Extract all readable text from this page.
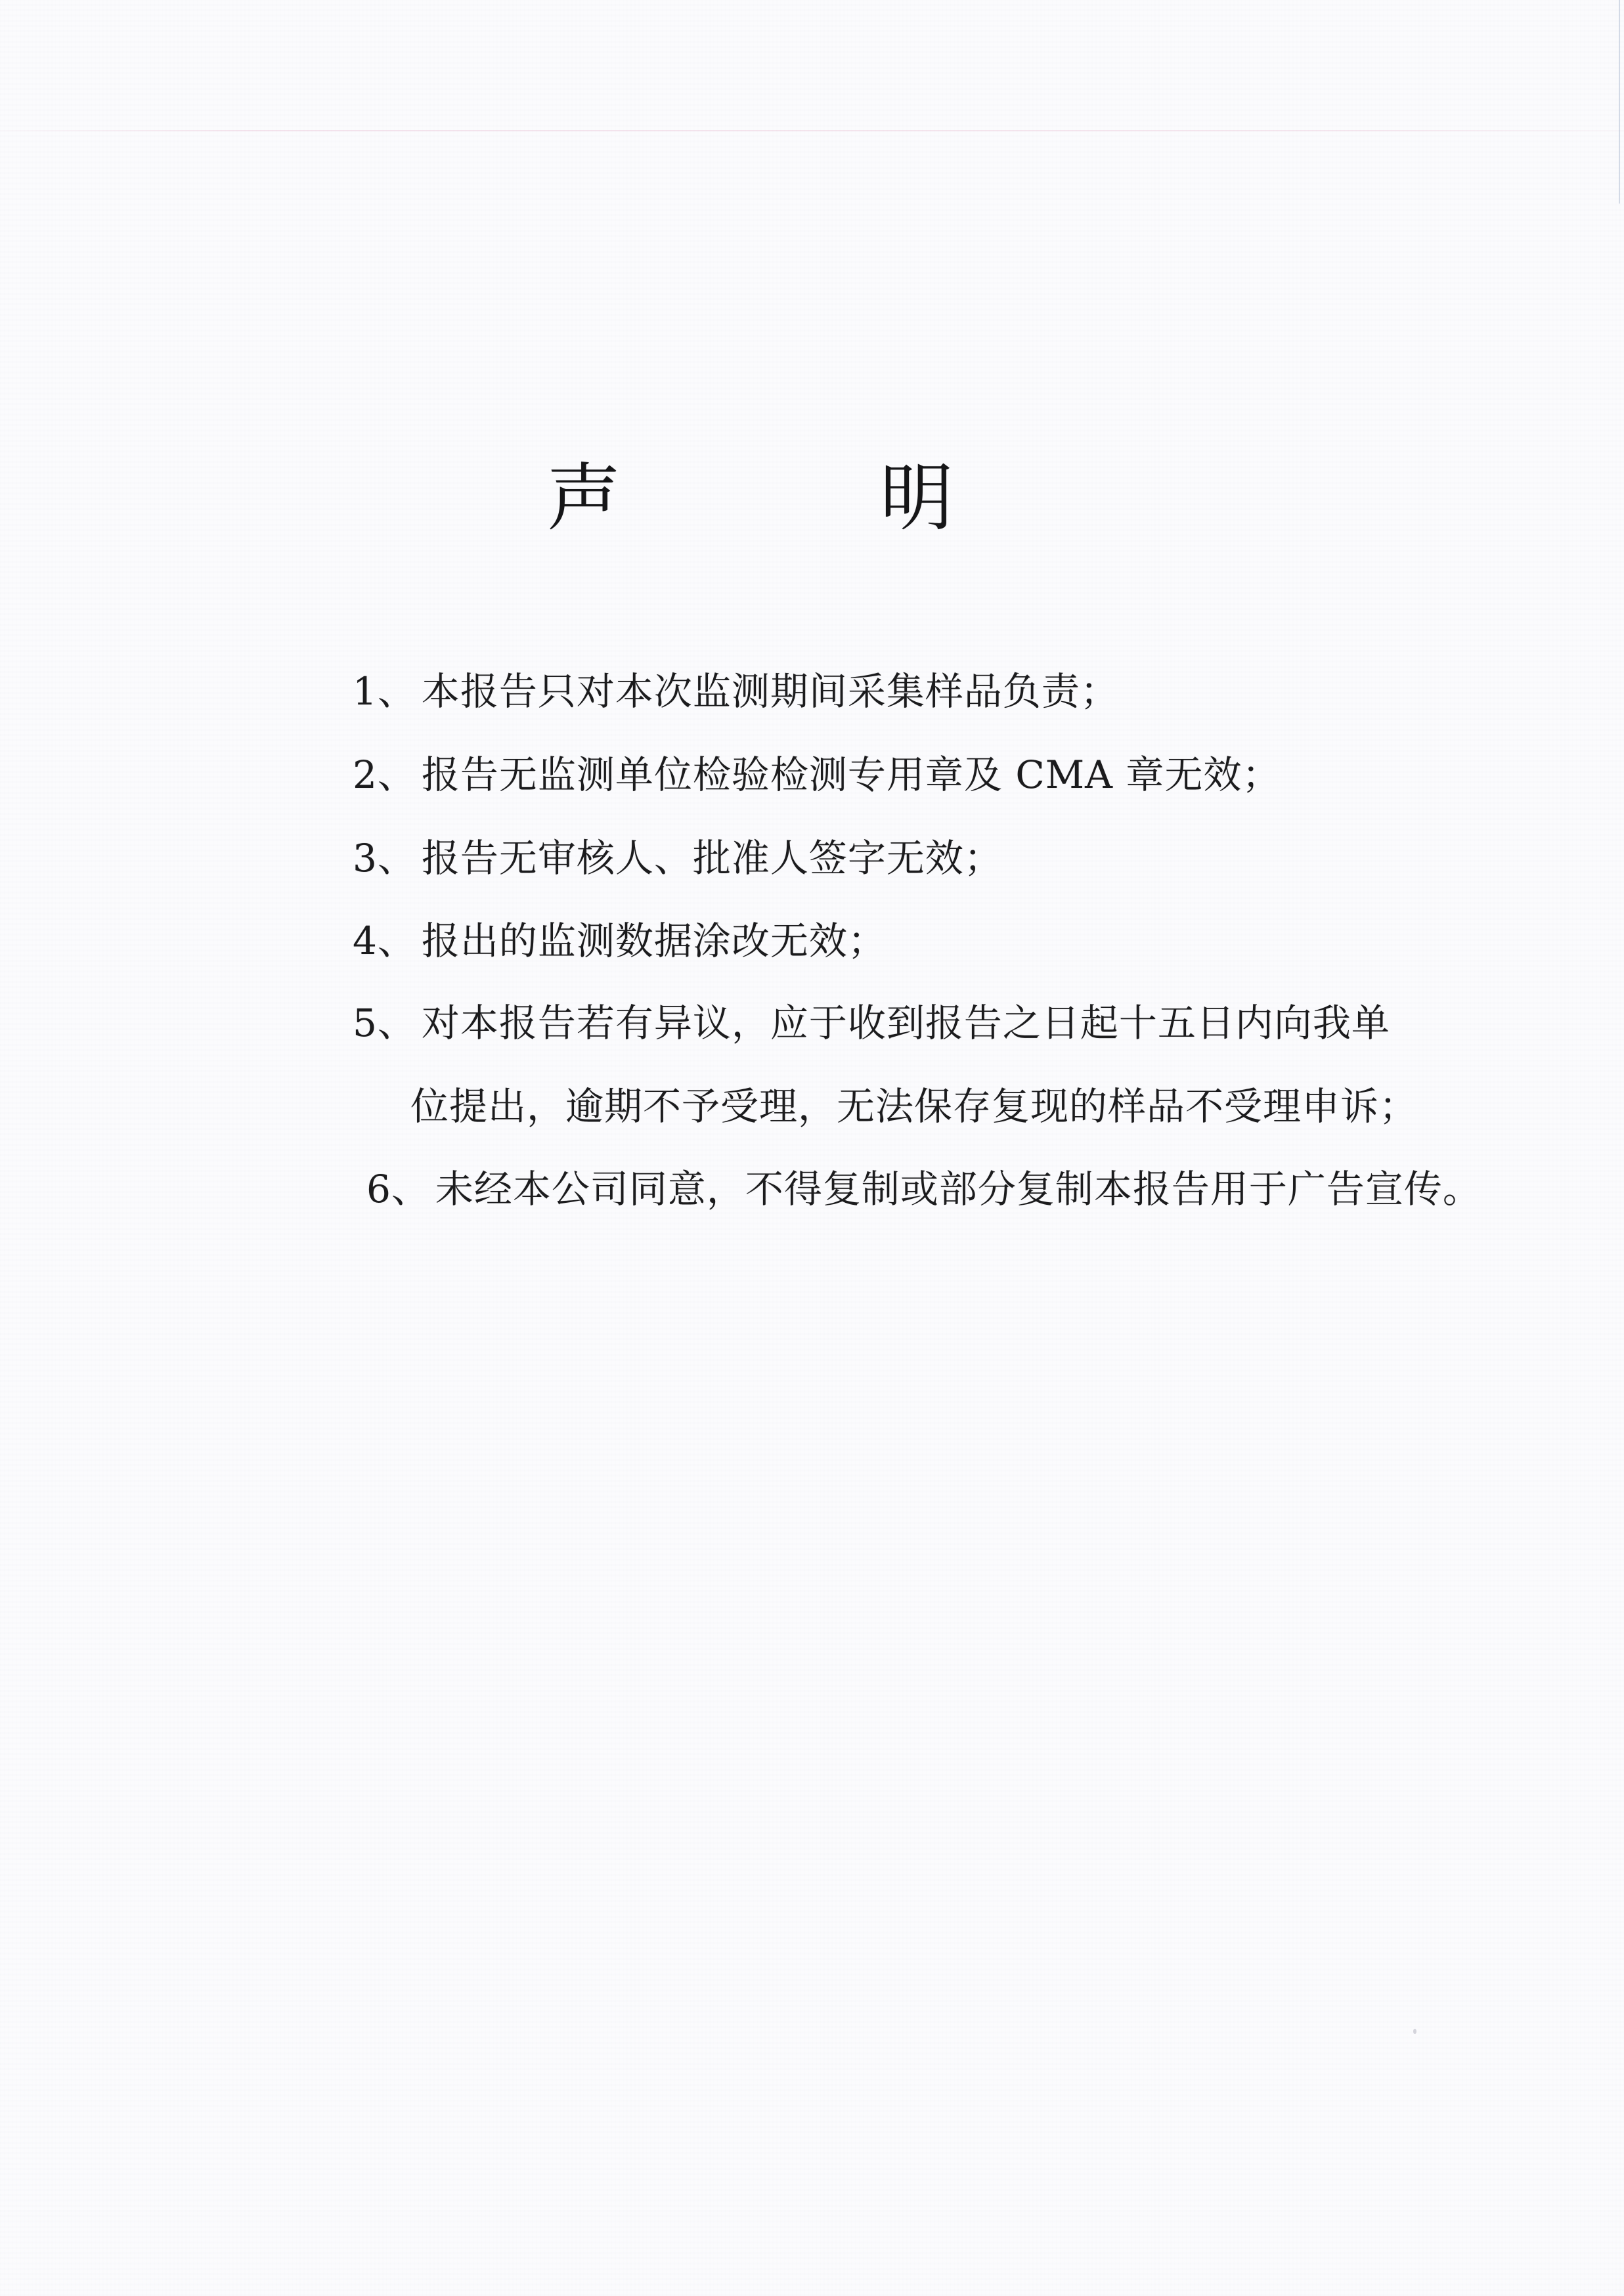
声	明
1、 本报告只对本次监测期间采集样品负责；
2、 报告无监测单位检验检测专用章及 CMA 章无效；
3、 报告无审核人、批准人签字无效；
4、 报出的监测数据涂改无效；
5、 对本报告若有异议，应于收到报告之日起十五日内向我单
位提出，逾期不予受理，无法保存复现的样品不受理申诉；
6、 未经本公司同意，不得复制或部分复制本报告用于广告宣传。
